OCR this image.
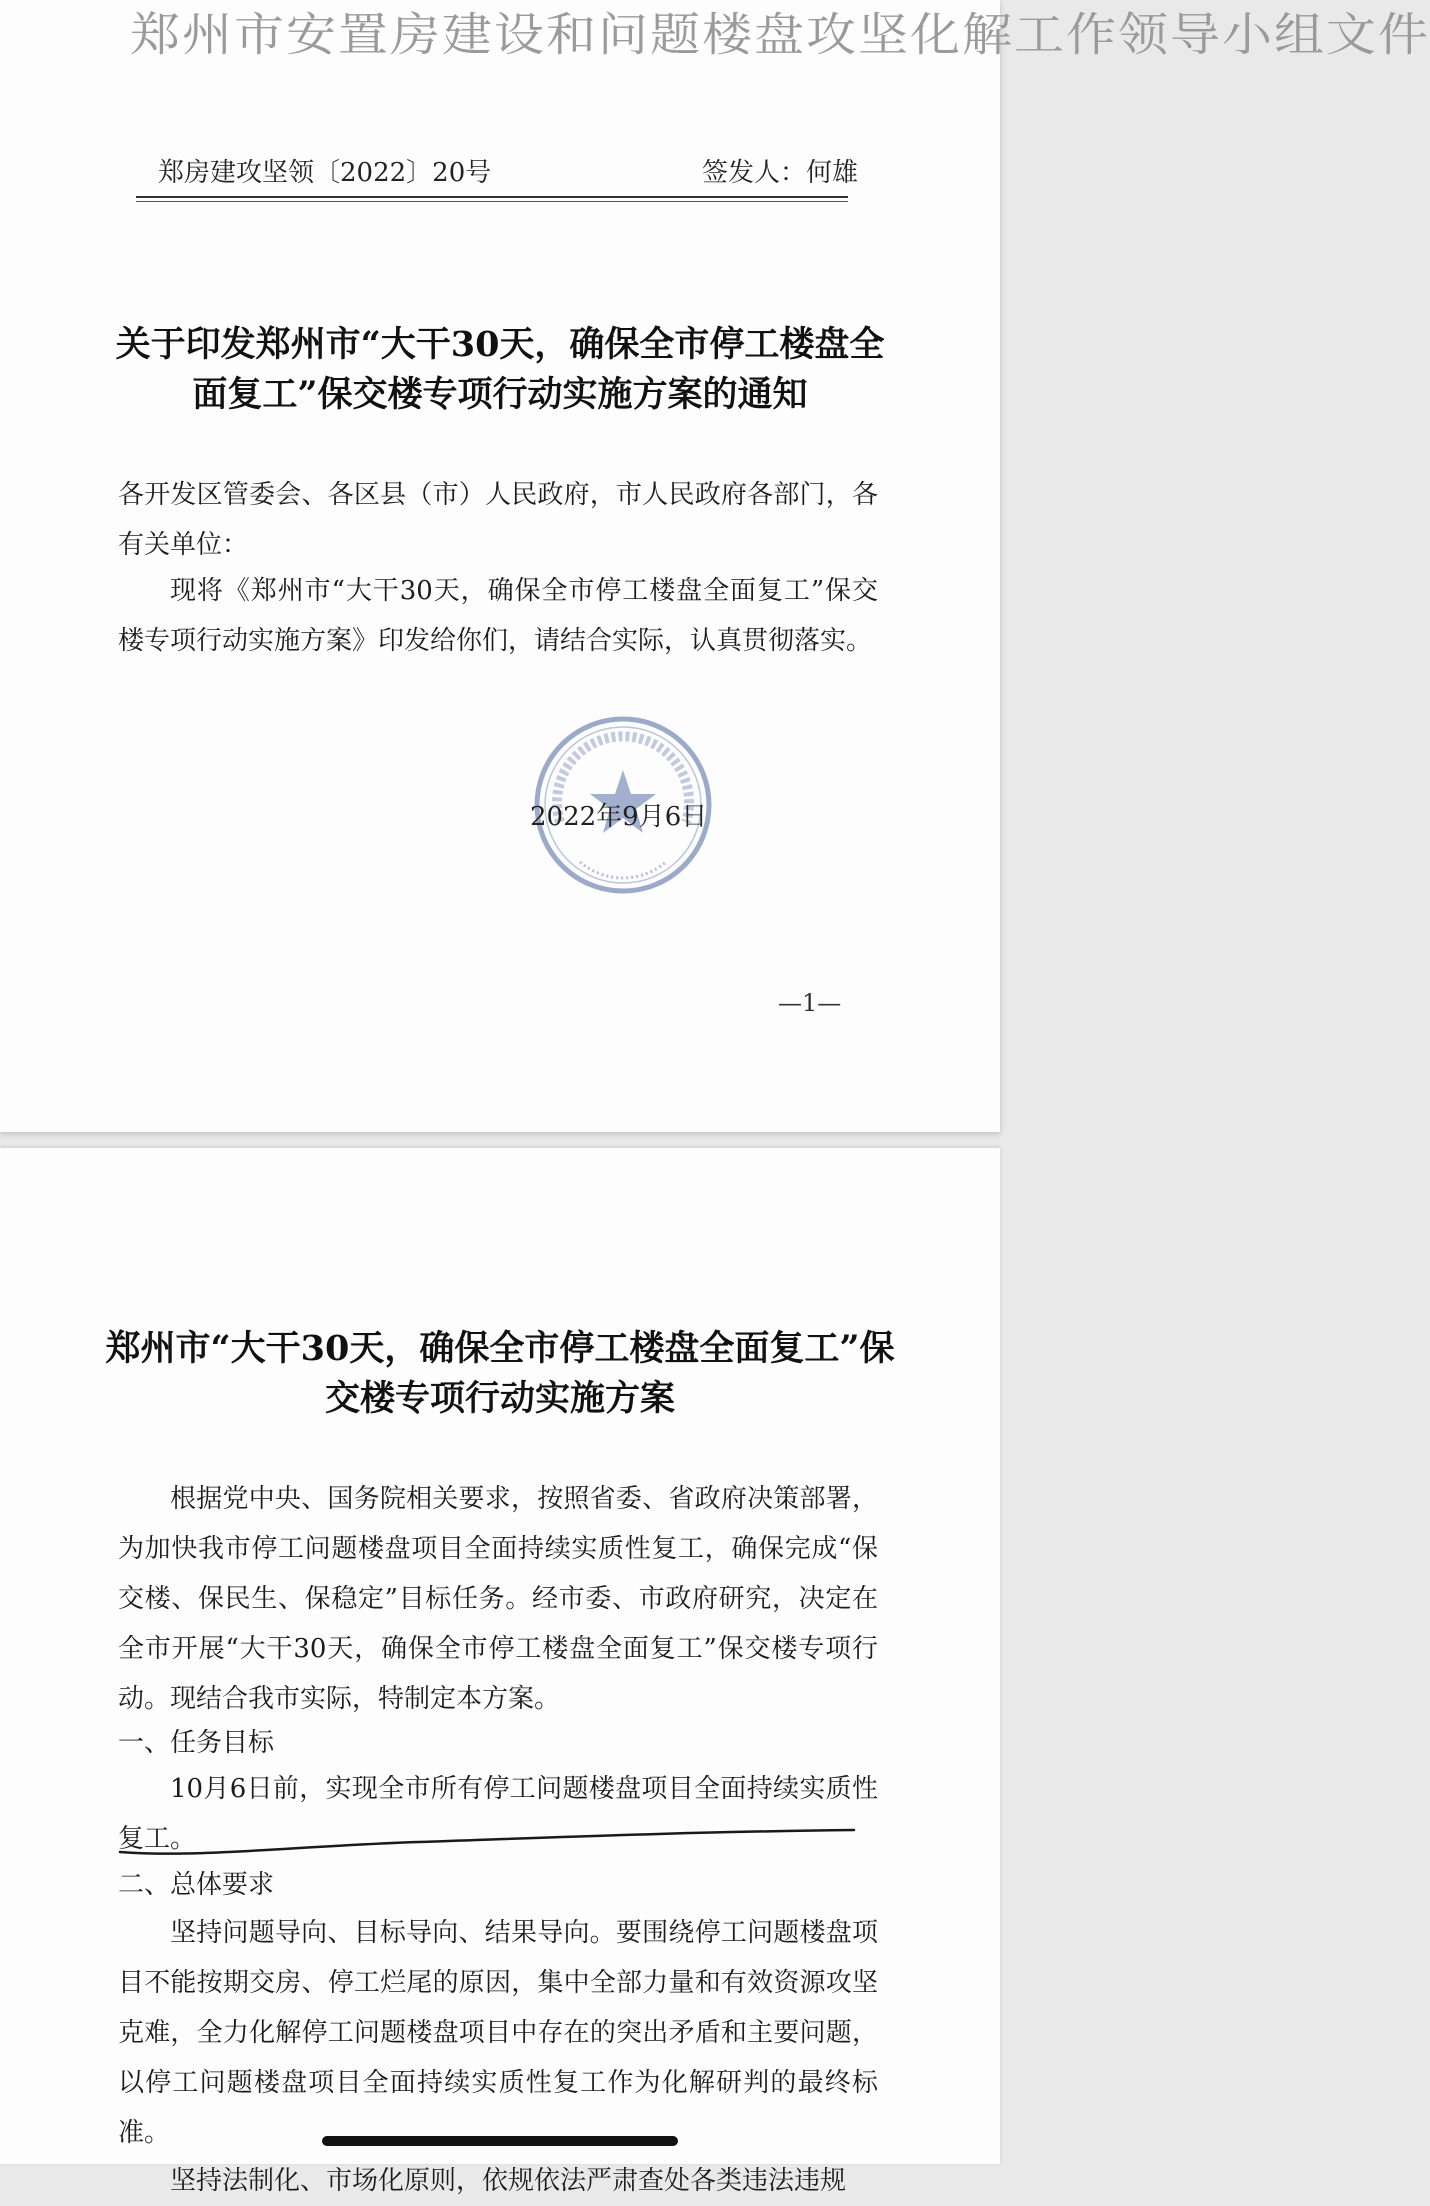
郑州市安置房建设和问题楼盘攻坚化解工作领导小组文件
郑房建攻坚领〔2022〕20号	签发人：何雄
关于印发郑州市“大干30天，确保全市停工楼盘全面复工”保交楼专项行动实施方案的通知
各开发区管委会、各区县（市）人民政府，市人民政府各部门，各有关单位：
现将《郑州市“大干30天，确保全市停工楼盘全面复工”保交楼专项行动实施方案》印发给你们，请结合实际，认真贯彻落实。
2022年9月6日
—1—
郑州市“大干30天，确保全市停工楼盘全面复工”保交楼专项行动实施方案
根据党中央、国务院相关要求，按照省委、省政府决策部署，为加快我市停工问题楼盘项目全面持续实质性复工，确保完成“保交楼、保民生、保稳定”目标任务。经市委、市政府研究，决定在全市开展“大干30天，确保全市停工楼盘全面复工”保交楼专项行动。现结合我市实际，特制定本方案。
一、任务目标
10月6日前，实现全市所有停工问题楼盘项目全面持续实质性复工。
二、总体要求
坚持问题导向、目标导向、结果导向。要围绕停工问题楼盘项目不能按期交房、停工烂尾的原因，集中全部力量和有效资源攻坚克难，全力化解停工问题楼盘项目中存在的突出矛盾和主要问题，以停工问题楼盘项目全面持续实质性复工作为化解研判的最终标准。
坚持法制化、市场化原则，依规依法严肃查处各类违法违规
